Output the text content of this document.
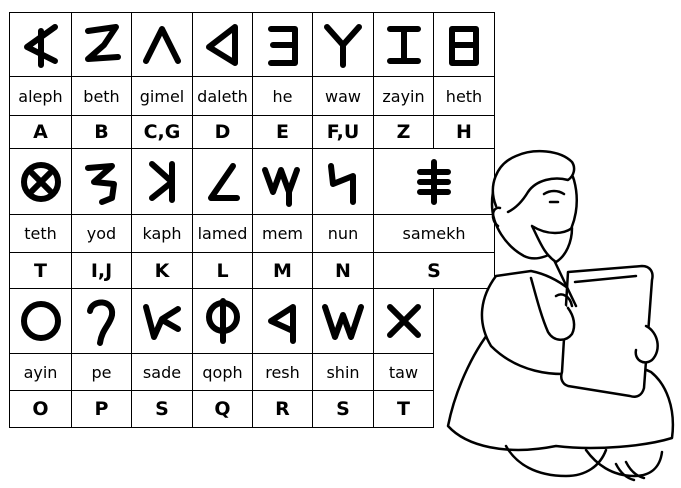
aleph
A
beth
B
gimel
C,G
daleth
D
he
E
waw
F,U
zayin
Z
heth
H
teth
T
yod
I,J
kaph
K
lamed
L
mem
M
nun
N
samekh
S
ayin
O
pe
P
sade
S
qoph
Q
resh
R
shin
S
taw
T
